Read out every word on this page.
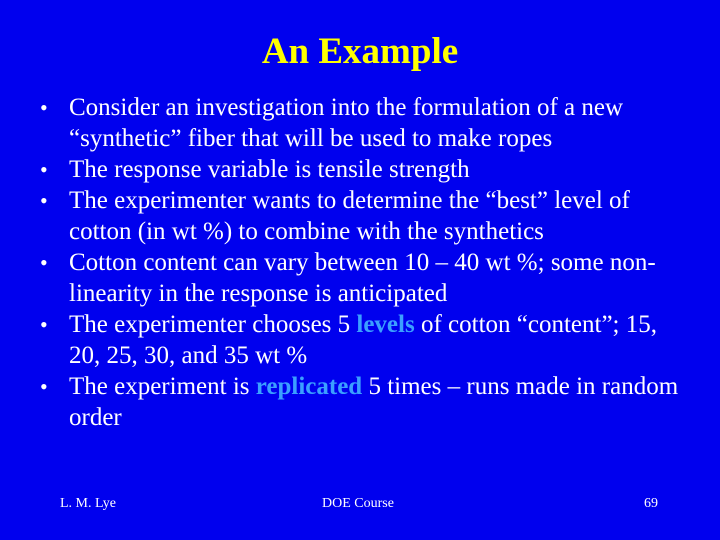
An Example
• Consider an investigation into the formulation of a new “synthetic” fiber that will be used to make ropes
• The response variable is tensile strength
• The experimenter wants to determine the “best” level of cotton (in wt %) to combine with the synthetics
• Cotton content can vary between 10 – 40 wt %; some non-linearity in the response is anticipated
• The experimenter chooses 5 levels of cotton “content”; 15, 20, 25, 30, and 35 wt %
• The experiment is replicated 5 times – runs made in random order
L. M. Lye	DOE Course	69
